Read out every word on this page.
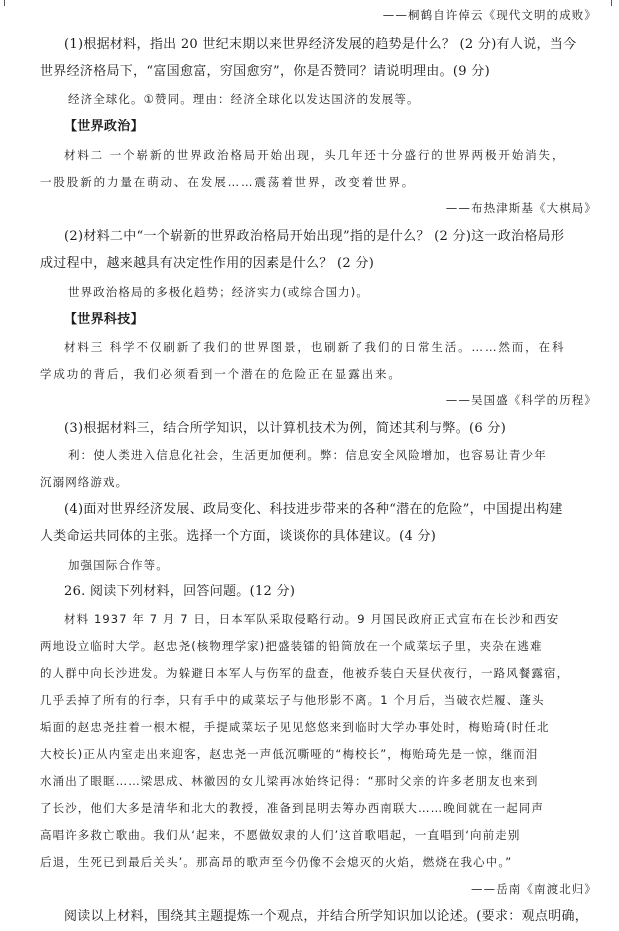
——桐鹤自许倬云《现代文明的成败》
(1)根据材料，指出 20 世纪末期以来世界经济发展的趋势是什么？ (2 分)有人说，当今
世界经济格局下，“富国愈富，穷国愈穷”，你是否赞同？请说明理由。(9 分)
经济全球化。①赞同。理由：经济全球化以发达国济的发展等。
【世界政治】
材料二 一个崭新的世界政治格局开始出现，头几年还十分盛行的世界两极开始消失，
一股股新的力量在萌动、在发展……震荡着世界，改变着世界。
——布热津斯基《大棋局》
(2)材料二中“一个崭新的世界政治格局开始出现”指的是什么？ (2 分)这一政治格局形
成过程中，越来越具有决定性作用的因素是什么？ (2 分)
世界政治格局的多极化趋势；经济实力(或综合国力)。
【世界科技】
材料三 科学不仅刷新了我们的世界图景，也刷新了我们的日常生活。……然而，在科
学成功的背后，我们必须看到一个潜在的危险正在显露出来。
——吴国盛《科学的历程》
(3)根据材料三，结合所学知识，以计算机技术为例，简述其利与弊。(6 分)
利：使人类进入信息化社会，生活更加便利。弊：信息安全风险增加，也容易让青少年
沉溺网络游戏。
(4)面对世界经济发展、政局变化、科技进步带来的各种“潜在的危险”，中国提出构建
人类命运共同体的主张。选择一个方面，谈谈你的具体建议。(4 分)
加强国际合作等。
26. 阅读下列材料，回答问题。(12 分)
材料 1937 年 7 月 7 日，日本军队采取侵略行动。9 月国民政府正式宣布在长沙和西安
两地设立临时大学。赵忠尧(核物理学家)把盛装镭的铅筒放在一个咸菜坛子里，夹杂在逃难
的人群中向长沙进发。为躲避日本军人与伤军的盘查，他被乔装白天昼伏夜行，一路风餐露宿，
几乎丢掉了所有的行李，只有手中的咸菜坛子与他形影不离。1 个月后，当破衣烂履、蓬头
垢面的赵忠尧拄着一根木棍，手提咸菜坛子见见悠悠来到临时大学办事处时，梅贻琦(时任北
大校长)正从内室走出来迎客，赵忠尧一声低沉嘶哑的“梅校长”，梅贻琦先是一惊，继而泪
水涌出了眼眶……梁思成、林徽因的女儿梁再冰始终记得：“那时父亲的许多老朋友也来到
了长沙，他们大多是清华和北大的教授，准备到昆明去筹办西南联大……晚间就在一起同声
高唱许多救亡歌曲。我们从‘起来，不愿做奴隶的人们’这首歌唱起，一直唱到‘向前走别
后退，生死已到最后关头’。那高昂的歌声至今仍像不会熄灭的火焰，燃烧在我心中。”
——岳南《南渡北归》
阅读以上材料，围绕其主题提炼一个观点，并结合所学知识加以论述。(要求：观点明确，
